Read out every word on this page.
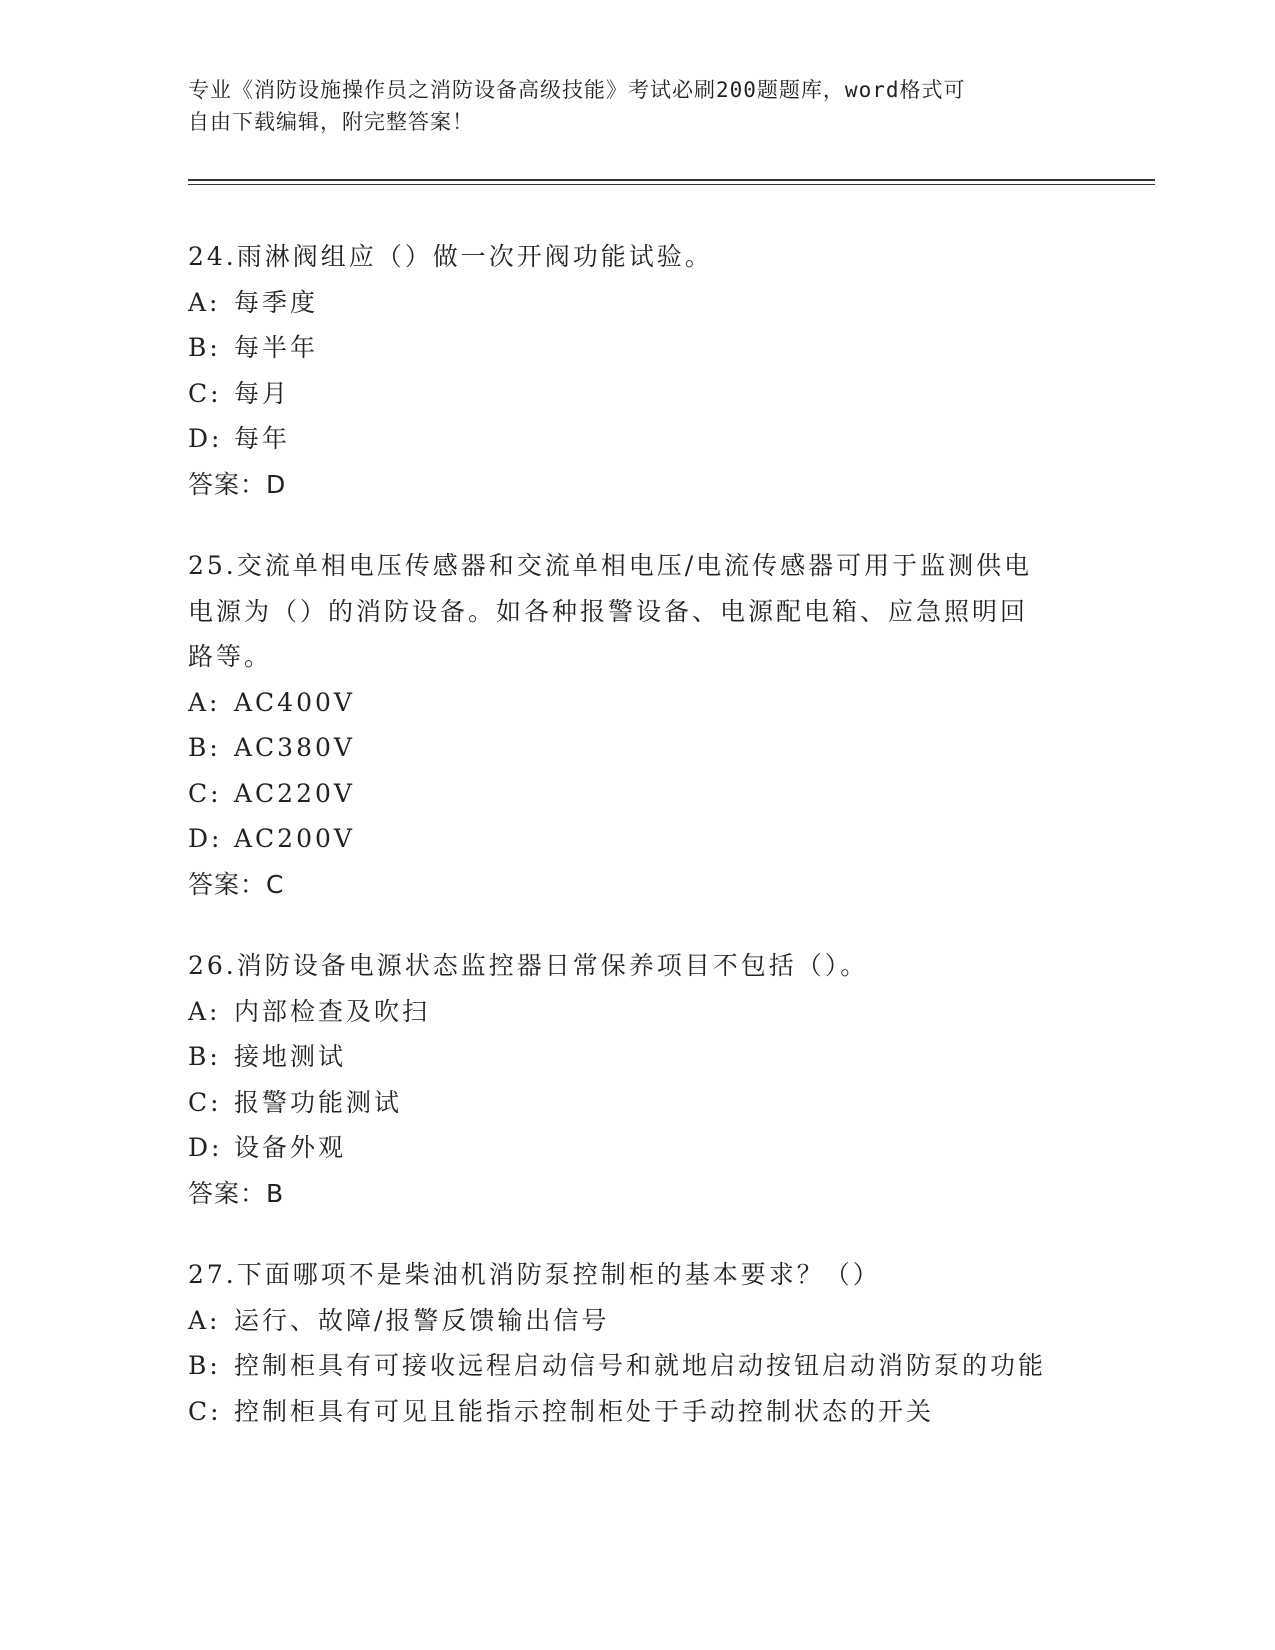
专业《消防设施操作员之消防设备高级技能》考试必刷200题题库，word格式可
自由下载编辑，附完整答案！
24.雨淋阀组应（）做一次开阀功能试验。
A: 每季度
B: 每半年
C: 每月
D: 每年
答案：D
25.交流单相电压传感器和交流单相电压/电流传感器可用于监测供电
电源为（）的消防设备。如各种报警设备、电源配电箱、应急照明回
路等。
A: AC400V
B: AC380V
C: AC220V
D: AC200V
答案：C
26.消防设备电源状态监控器日常保养项目不包括（）。
A: 内部检查及吹扫
B: 接地测试
C: 报警功能测试
D: 设备外观
答案：B
27.下面哪项不是柴油机消防泵控制柜的基本要求？（）
A: 运行、故障/报警反馈输出信号
B: 控制柜具有可接收远程启动信号和就地启动按钮启动消防泵的功能
C: 控制柜具有可见且能指示控制柜处于手动控制状态的开关
